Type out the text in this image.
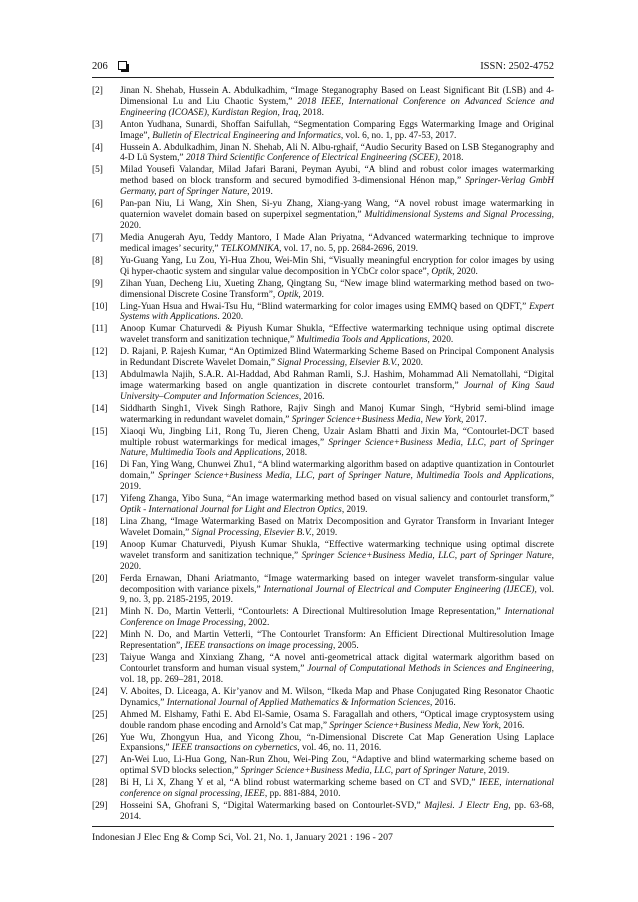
206	ISSN: 2502-4752
[2] Jinan N. Shehab, Hussein A. Abdulkadhim, “Image Steganography Based on Least Significant Bit (LSB) and 4-Dimensional Lu and Liu Chaotic System,” 2018 IEEE, International Conference on Advanced Science and Engineering (ICOASE), Kurdistan Region, Iraq, 2018.
[3] Anton Yudhana, Sunardi, Shoffan Saifullah, “Segmentation Comparing Eggs Watermarking Image and Original Image”, Bulletin of Electrical Engineering and Informatics, vol. 6, no. 1, pp. 47-53, 2017.
[4] Hussein A. Abdulkadhim, Jinan N. Shehab, Ali N. Albu-rghaif, “Audio Security Based on LSB Steganography and 4-D Lü System,” 2018 Third Scientific Conference of Electrical Engineering (SCEE), 2018.
[5] Milad Yousefi Valandar, Milad Jafari Barani, Peyman Ayubi, “A blind and robust color images watermarking method based on block transform and secured bymodified 3-dimensional Hénon map,” Springer-Verlag GmbH Germany, part of Springer Nature, 2019.
[6] Pan-pan Niu, Li Wang, Xin Shen, Si-yu Zhang, Xiang-yang Wang, “A novel robust image watermarking in quaternion wavelet domain based on superpixel segmentation,” Multidimensional Systems and Signal Processing, 2020.
[7] Media Anugerah Ayu, Teddy Mantoro, I Made Alan Priyatna, “Advanced watermarking technique to improve medical images’ security,” TELKOMNIKA, vol. 17, no. 5, pp. 2684-2696, 2019.
[8] Yu-Guang Yang, Lu Zou, Yi-Hua Zhou, Wei-Min Shi, “Visually meaningful encryption for color images by using Qi hyper-chaotic system and singular value decomposition in YCbCr color space”, Optik, 2020.
[9] Zihan Yuan, Decheng Liu, Xueting Zhang, Qingtang Su, “New image blind watermarking method based on two-dimensional Discrete Cosine Transform”, Optik, 2019.
[10] Ling-Yuan Hsua and Hwai-Tsu Hu, “Blind watermarking for color images using EMMQ based on QDFT,” Expert Systems with Applications. 2020.
[11] Anoop Kumar Chaturvedi & Piyush Kumar Shukla, “Effective watermarking technique using optimal discrete wavelet transform and sanitization technique,” Multimedia Tools and Applications, 2020.
[12] D. Rajani, P. Rajesh Kumar, “An Optimized Blind Watermarking Scheme Based on Principal Component Analysis in Redundant Discrete Wavelet Domain,” Signal Processing, Elsevier B.V., 2020.
[13] Abdulmawla Najih, S.A.R. Al-Haddad, Abd Rahman Ramli, S.J. Hashim, Mohammad Ali Nematollahi, “Digital image watermarking based on angle quantization in discrete contourlet transform,” Journal of King Saud University–Computer and Information Sciences, 2016.
[14] Siddharth Singh1, Vivek Singh Rathore, Rajiv Singh and Manoj Kumar Singh, “Hybrid semi-blind image watermarking in redundant wavelet domain,” Springer Science+Business Media, New York, 2017.
[15] Xiaoqi Wu, Jingbing Li1, Rong Tu, Jieren Cheng, Uzair Aslam Bhatti and Jixin Ma, “Contourlet-DCT based multiple robust watermarkings for medical images,” Springer Science+Business Media, LLC, part of Springer Nature, Multimedia Tools and Applications, 2018.
[16] Di Fan, Ying Wang, Chunwei Zhu1, “A blind watermarking algorithm based on adaptive quantization in Contourlet domain,” Springer Science+Business Media, LLC, part of Springer Nature, Multimedia Tools and Applications, 2019.
[17] Yifeng Zhanga, Yibo Suna, “An image watermarking method based on visual saliency and contourlet transform,” Optik - International Journal for Light and Electron Optics, 2019.
[18] Lina Zhang, “Image Watermarking Based on Matrix Decomposition and Gyrator Transform in Invariant Integer Wavelet Domain,” Signal Processing, Elsevier B.V., 2019.
[19] Anoop Kumar Chaturvedi, Piyush Kumar Shukla, “Effective watermarking technique using optimal discrete wavelet transform and sanitization technique,” Springer Science+Business Media, LLC, part of Springer Nature, 2020.
[20] Ferda Ernawan, Dhani Ariatmanto, “Image watermarking based on integer wavelet transform-singular value decomposition with variance pixels,” International Journal of Electrical and Computer Engineering (IJECE), vol. 9, no. 3, pp. 2185-2195, 2019.
[21] Minh N. Do, Martin Vetterli, “Contourlets: A Directional Multiresolution Image Representation,” International Conference on Image Processing, 2002.
[22] Minh N. Do, and Martin Vetterli, “The Contourlet Transform: An Efficient Directional Multiresolution Image Representation”, IEEE transactions on image processing, 2005.
[23] Taiyue Wanga and Xinxiang Zhang, “A novel anti-geometrical attack digital watermark algorithm based on Contourlet transform and human visual system,” Journal of Computational Methods in Sciences and Engineering, vol. 18, pp. 269–281, 2018.
[24] V. Aboites, D. Liceaga, A. Kir’yanov and M. Wilson, “Ikeda Map and Phase Conjugated Ring Resonator Chaotic Dynamics,” International Journal of Applied Mathematics & Information Sciences, 2016.
[25] Ahmed M. Elshamy, Fathi E. Abd El-Samie, Osama S. Faragallah and others, “Optical image cryptosystem using double random phase encoding and Arnold’s Cat map,” Springer Science+Business Media, New York, 2016.
[26] Yue Wu, Zhongyun Hua, and Yicong Zhou, “n-Dimensional Discrete Cat Map Generation Using Laplace Expansions,” IEEE transactions on cybernetics, vol. 46, no. 11, 2016.
[27] An-Wei Luo, Li-Hua Gong, Nan-Run Zhou, Wei-Ping Zou, “Adaptive and blind watermarking scheme based on optimal SVD blocks selection,” Springer Science+Business Media, LLC, part of Springer Nature, 2019.
[28] Bi H, Li X, Zhang Y et al, “A blind robust watermarking scheme based on CT and SVD,” IEEE, international conference on signal processing, IEEE, pp. 881-884, 2010.
[29] Hosseini SA, Ghofrani S, “Digital Watermarking based on Contourlet-SVD,” Majlesi. J Electr Eng, pp. 63-68, 2014.
Indonesian J Elec Eng & Comp Sci, Vol. 21, No. 1, January 2021 : 196 - 207
